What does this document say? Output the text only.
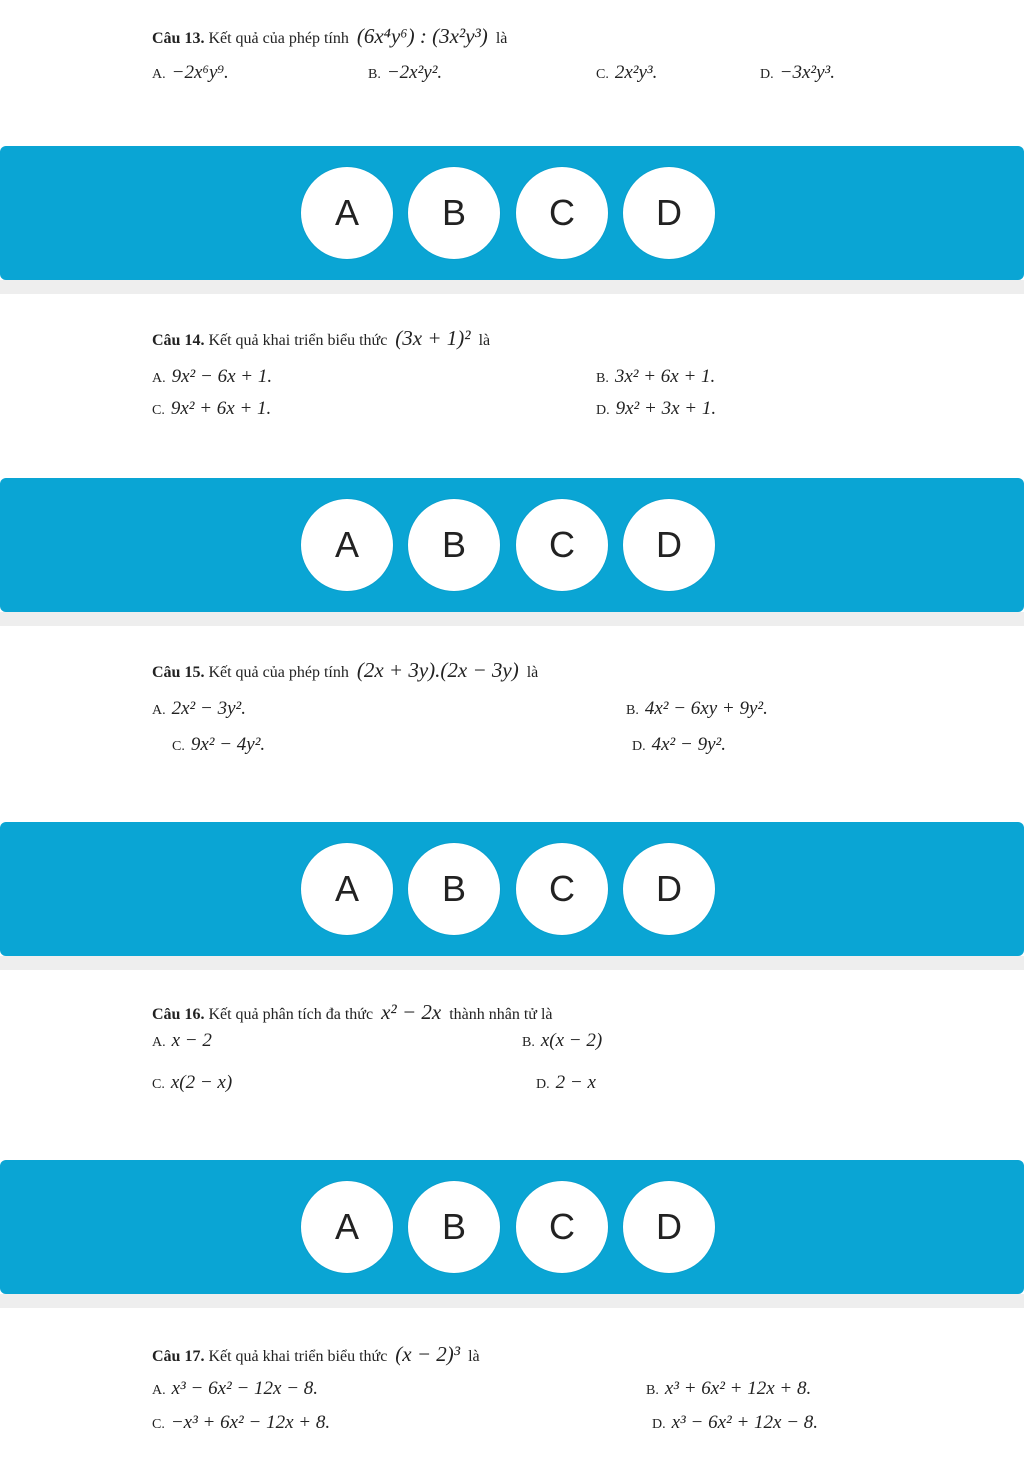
Câu 13. Kết quả của phép tính (6x⁴y⁶) : (3x²y³) là
A. −2x⁶y⁹.	B. −2x²y².	C. 2x²y³.	D. −3x²y³.
A	B	C	D
Câu 14. Kết quả khai triển biểu thức (3x + 1)² là
A. 9x² − 6x + 1.	B. 3x² + 6x + 1.
C. 9x² + 6x + 1.	D. 9x² + 3x + 1.
A	B	C	D
Câu 15. Kết quả của phép tính (2x + 3y).(2x − 3y) là
A. 2x² − 3y².	B. 4x² − 6xy + 9y².
C. 9x² − 4y².	D. 4x² − 9y².
A	B	C	D
Câu 16. Kết quả phân tích đa thức x² − 2x thành nhân tử là
A. x − 2	B. x(x − 2)
C. x(2 − x)	D. 2 − x
A	B	C	D
Câu 17. Kết quả khai triển biểu thức (x − 2)³ là
A. x³ − 6x² − 12x − 8.	B. x³ + 6x² + 12x + 8.
C. −x³ + 6x² − 12x + 8.	D. x³ − 6x² + 12x − 8.
